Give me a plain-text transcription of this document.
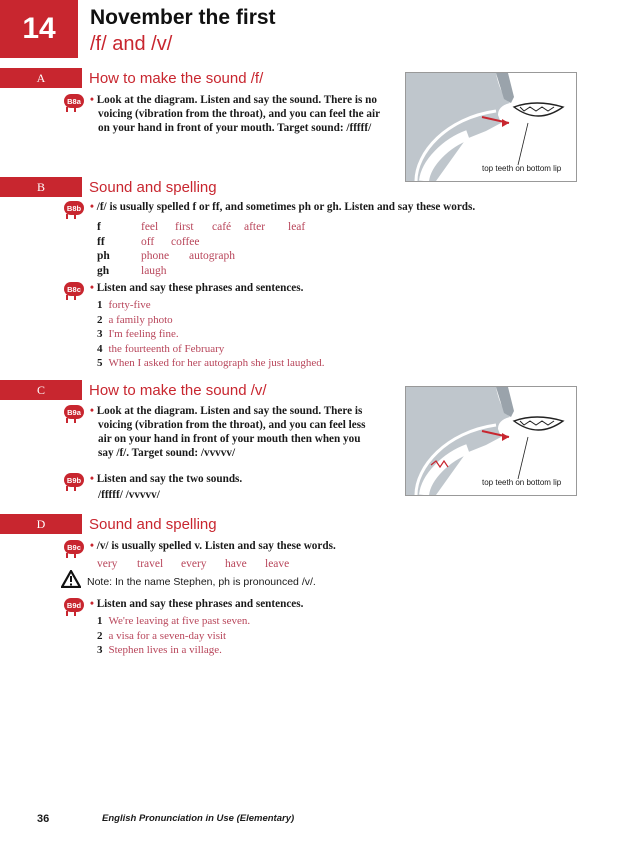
14	November the first
/f/ and /v/
A	How to make the sound /f/
B8a	• Look at the diagram. Listen and say the sound. There is no
voicing (vibration from the throat), and you can feel the air
on your hand in front of your mouth. Target sound: /fffff/
top teeth on bottom lip
B	Sound and spelling
B8b	• /f/ is usually spelled f or ff, and sometimes ph or gh. Listen and say these words.
f	feel	first	café	after	leaf
ff	off	coffee
ph	phone	autograph
gh	laugh
B8c	• Listen and say these phrases and sentences.
1 forty-five
2 a family photo
3 I'm feeling fine.
4 the fourteenth of February
5 When I asked for her autograph she just laughed.
C	How to make the sound /v/
B9a	• Look at the diagram. Listen and say the sound. There is
voicing (vibration from the throat), and you can feel less
air on your hand in front of your mouth then when you
say /f/. Target sound: /vvvvv/
top teeth on bottom lip
B9b	• Listen and say the two sounds.
/fffff/ /vvvvv/
D	Sound and spelling
B9c	• /v/ is usually spelled v. Listen and say these words.
very	travel	every	have	leave
Note: In the name Stephen, ph is pronounced /v/.
B9d	• Listen and say these phrases and sentences.
1 We're leaving at five past seven.
2 a visa for a seven-day visit
3 Stephen lives in a village.
36	English Pronunciation in Use (Elementary)
